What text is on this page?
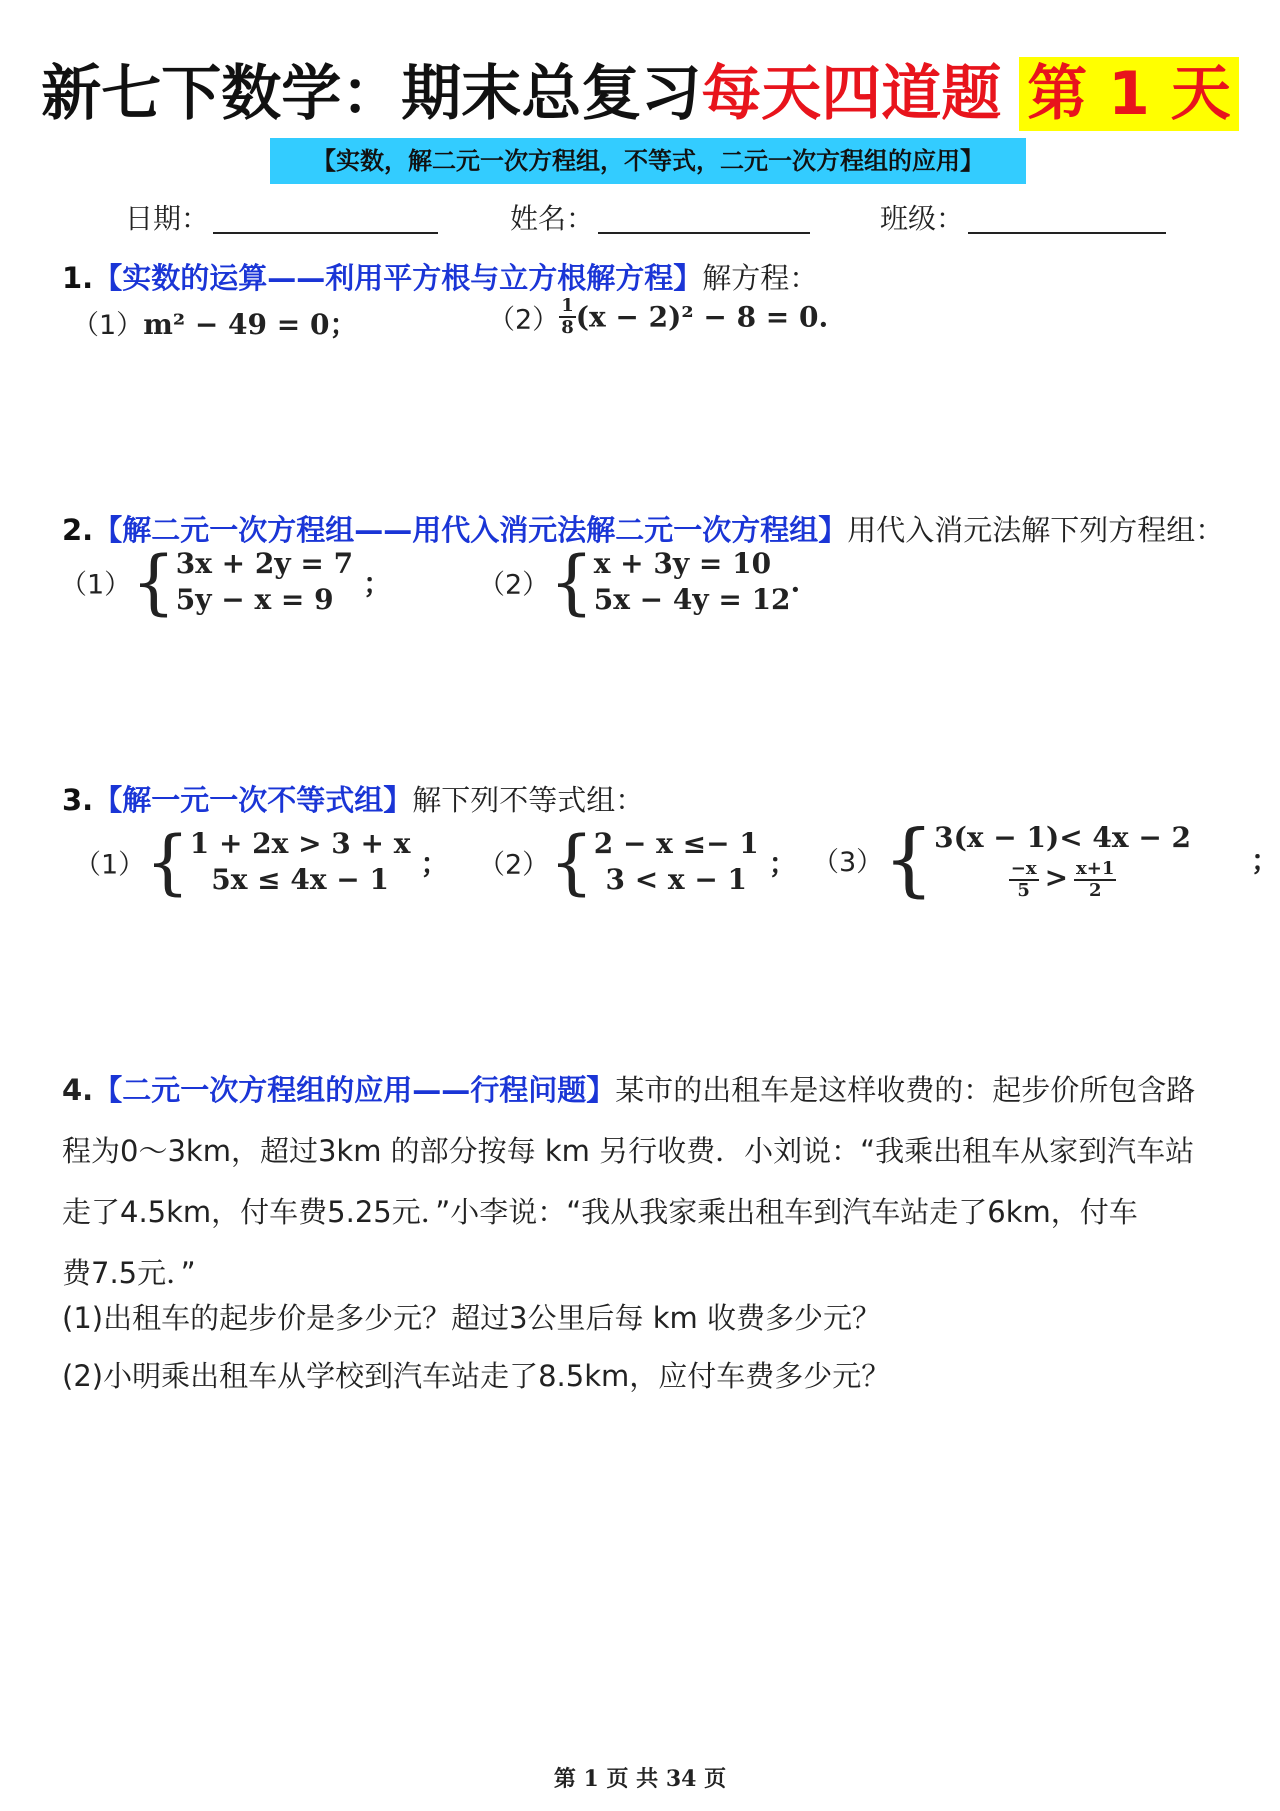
新七下数学：期末总复习每天四道题 第 1 天
【实数，解二元一次方程组，不等式，二元一次方程组的应用】
日期：	姓名：	班级：
1.【实数的运算——利用平方根与立方根解方程】解方程：
（1）m² − 49 = 0；	$(2) \frac{1}{8}(x - 2)^2 - 8 = 0$.
2.【解二元一次方程组——用代入消元法解二元一次方程组】用代入消元法解下列方程组：
（1）{ 3x + 2y = 7
5y − x = 9	；	（2）{ x + 3y = 10
5x − 4y = 12
.
3.【解一元一次不等式组】解下列不等式组：
（1）{ 1 + 2x > 3 + x
5x ≤ 4x − 1	； （2）{ 2 − x ≤− 1
3 < x − 1 ； （3）{ 3(x − 1)< 4x − 2
$\frac{-x}{5} > \frac{x+1}{2}$	；
4.【二元一次方程组的应用——行程问题】某市的出租车是这样收费的：起步价所包含路
程为0～3km，超过3km 的部分按每 km 另行收费．小刘说：“我乘出租车从家到汽车站
走了4.5km，付车费5.25元．”小李说：“我从我家乘出租车到汽车站走了6km，付车
费7.5元．”
(1)出租车的起步价是多少元？超过3公里后每 km 收费多少元？
(2)小明乘出租车从学校到汽车站走了8.5km，应付车费多少元？
第 1 页 共 34 页
